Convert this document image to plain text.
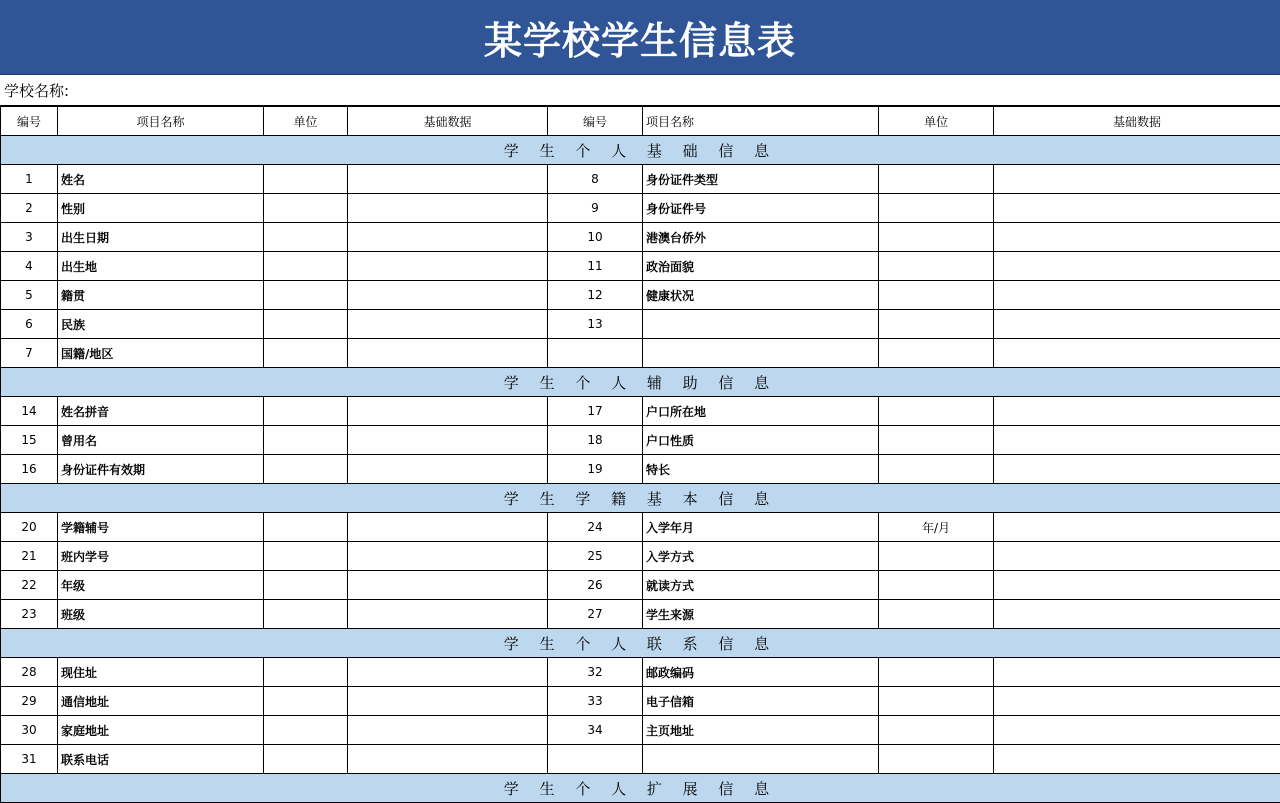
某学校学生信息表
学校名称:
编号	项目名称	单位	基础数据	编号	项目名称	单位	基础数据
学 生 个 人 基 础 信 息							
1	姓名			8	身份证件类型		
2	性别			9	身份证件号		
3	出生日期			10	港澳台侨外		
4	出生地			11	政治面貌		
5	籍贯			12	健康状况		
6	民族			13			
7	国籍/地区						
学 生 个 人 辅 助 信 息							
14	姓名拼音			17	户口所在地		
15	曾用名			18	户口性质		
16	身份证件有效期			19	特长		
学 生 学 籍 基 本 信 息							
20	学籍辅号			24	入学年月	年/月	
21	班内学号			25	入学方式		
22	年级			26	就读方式		
23	班级			27	学生来源		
学 生 个 人 联 系 信 息							
28	现住址			32	邮政编码		
29	通信地址			33	电子信箱		
30	家庭地址			34	主页地址		
31	联系电话						
学 生 个 人 扩 展 信 息							
